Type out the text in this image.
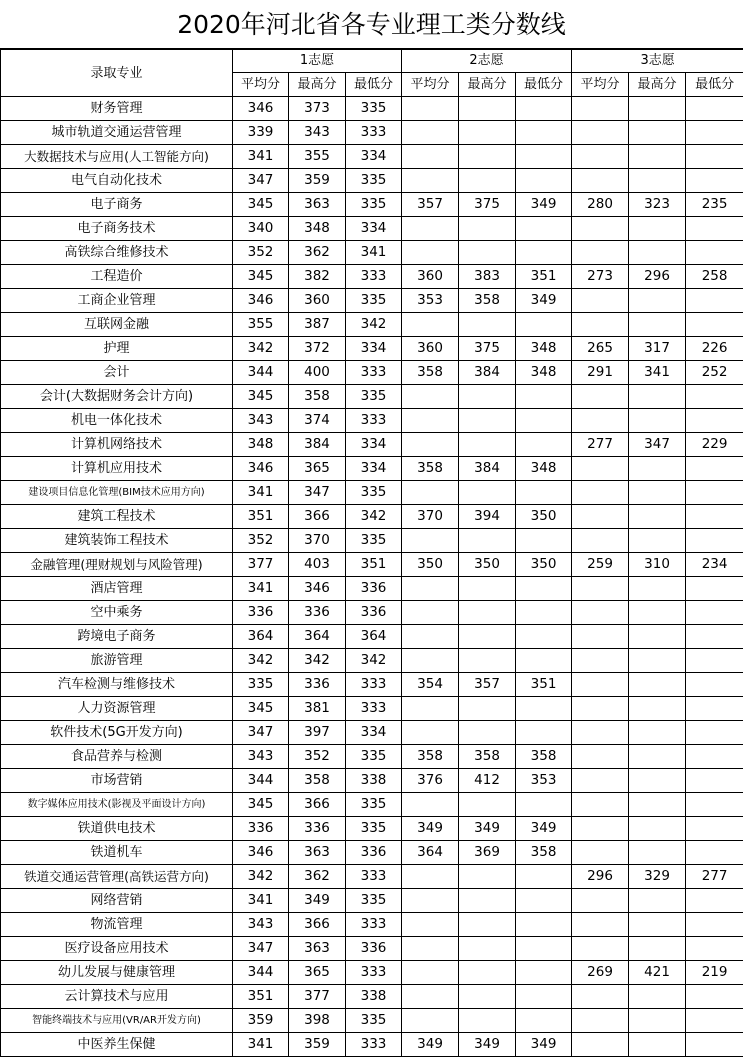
2020年河北省各专业理工类分数线
录取专业	1志愿			2志愿			3志愿		
	平均分	最高分	最低分	平均分	最高分	最低分	平均分	最高分	最低分
财务管理	346	373	335						
城市轨道交通运营管理	339	343	333						
大数据技术与应用(人工智能方向)	341	355	334						
电气自动化技术	347	359	335						
电子商务	345	363	335	357	375	349	280	323	235
电子商务技术	340	348	334						
高铁综合维修技术	352	362	341						
工程造价	345	382	333	360	383	351	273	296	258
工商企业管理	346	360	335	353	358	349			
互联网金融	355	387	342						
护理	342	372	334	360	375	348	265	317	226
会计	344	400	333	358	384	348	291	341	252
会计(大数据财务会计方向)	345	358	335						
机电一体化技术	343	374	333						
计算机网络技术	348	384	334				277	347	229
计算机应用技术	346	365	334	358	384	348			
建设项目信息化管理(BIM技术应用方向)	341	347	335						
建筑工程技术	351	366	342	370	394	350			
建筑装饰工程技术	352	370	335						
金融管理(理财规划与风险管理)	377	403	351	350	350	350	259	310	234
酒店管理	341	346	336						
空中乘务	336	336	336						
跨境电子商务	364	364	364						
旅游管理	342	342	342						
汽车检测与维修技术	335	336	333	354	357	351			
人力资源管理	345	381	333						
软件技术(5G开发方向)	347	397	334						
食品营养与检测	343	352	335	358	358	358			
市场营销	344	358	338	376	412	353			
数字媒体应用技术(影视及平面设计方向)	345	366	335						
铁道供电技术	336	336	335	349	349	349			
铁道机车	346	363	336	364	369	358			
铁道交通运营管理(高铁运营方向)	342	362	333				296	329	277
网络营销	341	349	335						
物流管理	343	366	333						
医疗设备应用技术	347	363	336						
幼儿发展与健康管理	344	365	333				269	421	219
云计算技术与应用	351	377	338						
智能终端技术与应用(VR/AR开发方向)	359	398	335						
中医养生保健	341	359	333	349	349	349			
